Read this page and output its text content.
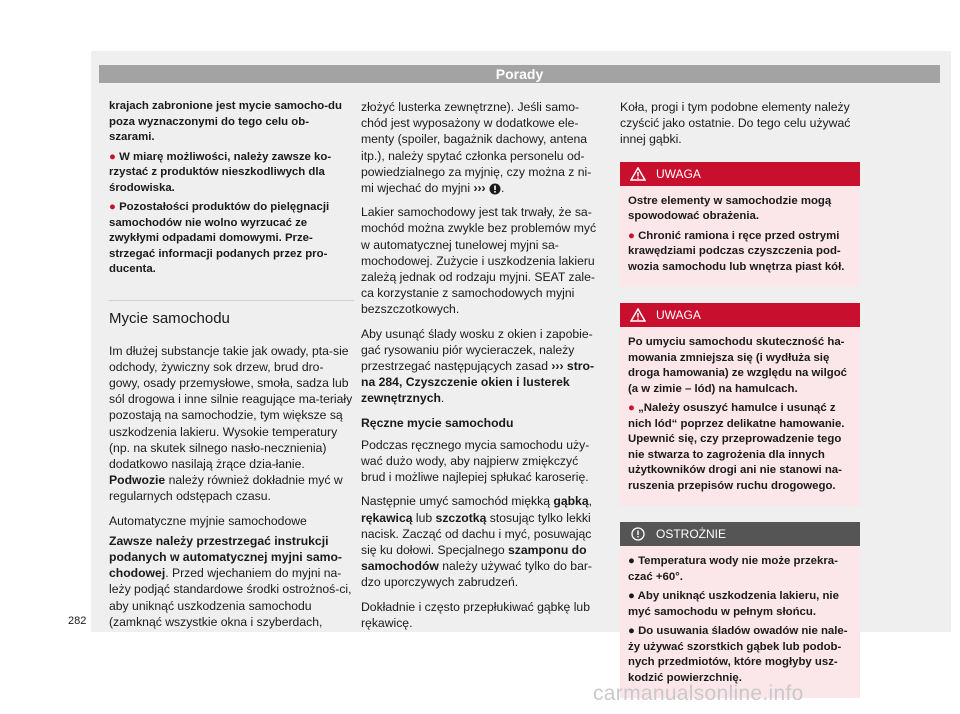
Porady

krajach zabronione jest mycie samocho-du poza wyznaczonymi do tego celu ob-szarami.

● W miarę możliwości, należy zawsze ko-rzystać z produktów nieszkodliwych dla środowiska.

● Pozostałości produktów do pielęgnacji samochodów nie wolno wyrzucać ze zwykłymi odpadami domowymi. Prze-strzegać informacji podanych przez pro-ducenta.

Mycie samochodu

Im dłużej substancje takie jak owady, pta-sie odchody, żywiczny sok drzew, brud dro-gowy, osady przemysłowe, smoła, sadza lub sól drogowa i inne silnie reagujące ma-teriały pozostają na samochodzie, tym większe są uszkodzenia lakieru. Wysokie temperatury (np. na skutek silnego nasło-necznienia) dodatkowo nasilają żrące dzia-łanie. Podwozie należy również dokładnie myć w regularnych odstępach czasu.

Automatyczne myjnie samochodowe

Zawsze należy przestrzegać instrukcji podanych w automatycznej myjni samo-chodowej. Przed wjechaniem do myjni na-leży podjąć standardowe środki ostrożnoś-ci, aby uniknąć uszkodzenia samochodu (zamknąć wszystkie okna i szyberdach,

złożyć lusterka zewnętrzne). Jeśli samo-chód jest wyposażony w dodatkowe ele-menty (spoiler, bagażnik dachowy, antena itp.), należy spytać członka personelu od-powiedzialnego za myjnię, czy można z ni-mi wjechać do myjni ››› .

Lakier samochodowy jest tak trwały, że sa-mochód można zwykle bez problemów myć w automatycznej tunelowej myjni sa-mochodowej. Zużycie i uszkodzenia lakieru zależą jednak od rodzaju myjni. SEAT zale-ca korzystanie z samochodowych myjni bezszczotkowych.

Aby usunąć ślady wosku z okien i zapobie-gać rysowaniu piór wycieraczek, należy przestrzegać następujących zasad ››› stro-na 284, Czyszczenie okien i lusterek zewnętrznych.

Ręczne mycie samochodu

Podczas ręcznego mycia samochodu uży-wać dużo wody, aby najpierw zmiękczyć brud i możliwe najlepiej spłukać karoserię.

Następnie umyć samochód miękką gąbką, rękawicą lub szczotką stosując tylko lekki nacisk. Zacząć od dachu i myć, posuwając się ku dołowi. Specjalnego szamponu do samochodów należy używać tylko do bar-dzo uporczywych zabrudzeń.

Dokładnie i często przepłukiwać gąbkę lub rękawicę.

Koła, progi i tym podobne elementy należy czyścić jako ostatnie. Do tego celu używać innej gąbki.

UWAGA

Ostre elementy w samochodzie mogą spowodować obrażenia.

● Chronić ramiona i ręce przed ostrymi krawędziami podczas czyszczenia pod-wozia samochodu lub wnętrza piast kół.

UWAGA

Po umyciu samochodu skuteczność ha-mowania zmniejsza się (i wydłuża się droga hamowania) ze względu na wilgoć (a w zimie – lód) na hamulcach.

● „Należy osuszyć hamulce i usunąć z nich lód“ poprzez delikatne hamowanie. Upewnić się, czy przeprowadzenie tego nie stwarza to zagrożenia dla innych użytkowników drogi ani nie stanowi na-ruszenia przepisów ruchu drogowego.

OSTROŻNIE

● Temperatura wody nie może przekra-czać +60°.

● Aby uniknąć uszkodzenia lakieru, nie myć samochodu w pełnym słońcu.

● Do usuwania śladów owadów nie nale-ży używać szorstkich gąbek lub podob-nych przedmiotów, które mogłyby usz-kodzić powierzchnię.

282
carmanualsonline.info
